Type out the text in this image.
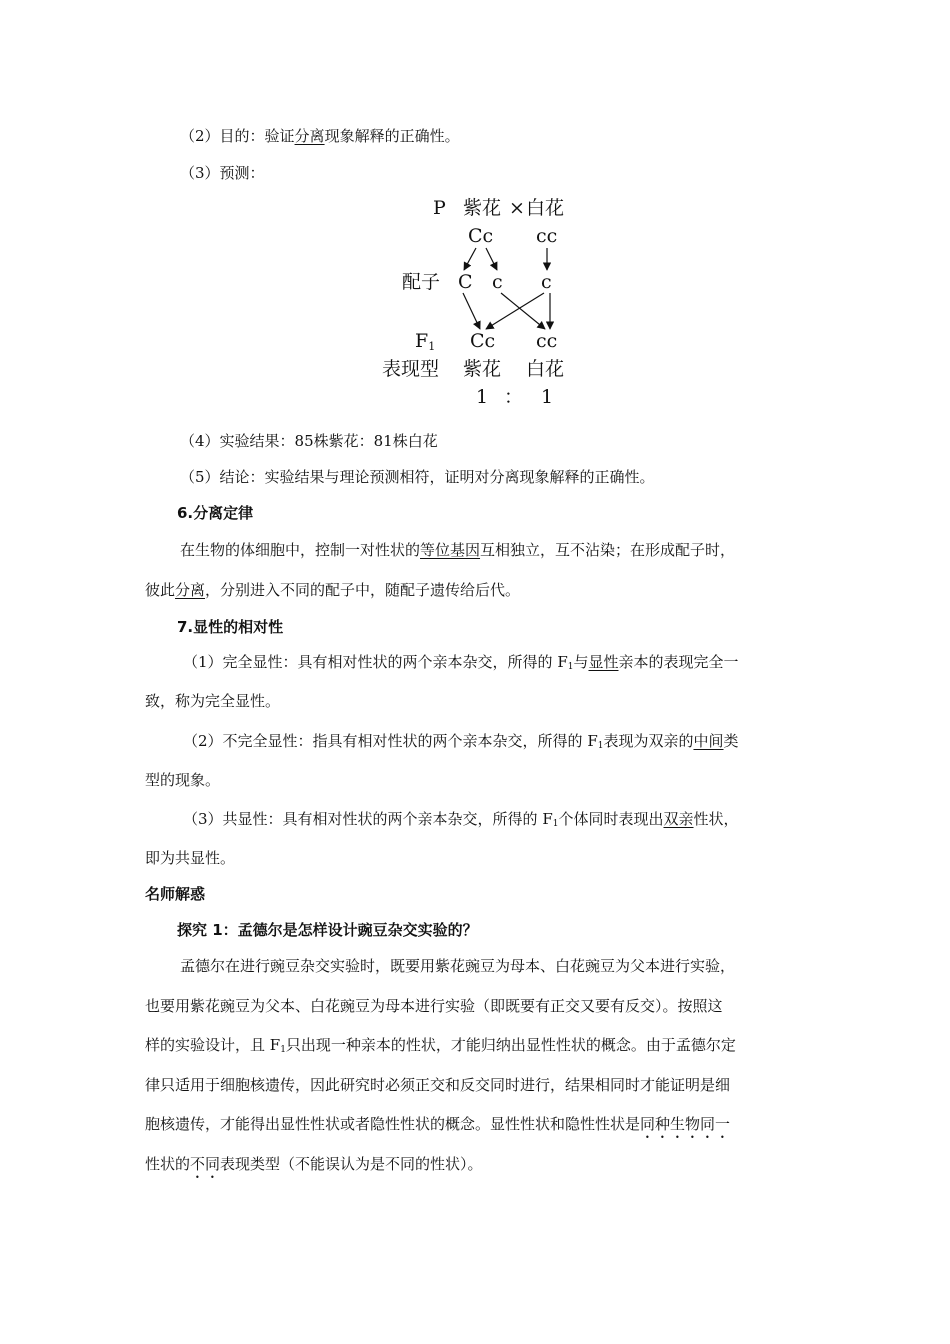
（2）目的：验证分离现象解释的正确性。
（3）预测：
P 紫花 × 白花
Cc cc
配子 C c c
F1 Cc cc
表现型 紫花 白花
1 ： 1
（4）实验结果：85株紫花：81株白花
（5）结论：实验结果与理论预测相符，证明对分离现象解释的正确性。
6.分离定律
在生物的体细胞中，控制一对性状的等位基因互相独立，互不沾染；在形成配子时，
彼此分离，分别进入不同的配子中，随配子遗传给后代。
7.显性的相对性
（1）完全显性：具有相对性状的两个亲本杂交，所得的 $F_1$与显性亲本的表现完全一
致，称为完全显性。
（2）不完全显性：指具有相对性状的两个亲本杂交，所得的 $F_1$表现为双亲的中间类
型的现象。
（3）共显性：具有相对性状的两个亲本杂交，所得的 $F_1$个体同时表现出双亲性状，
即为共显性。
名师解惑
探究 1：孟德尔是怎样设计豌豆杂交实验的？
孟德尔在进行豌豆杂交实验时，既要用紫花豌豆为母本、白花豌豆为父本进行实验，
也要用紫花豌豆为父本、白花豌豆为母本进行实验（即既要有正交又要有反交）。按照这
样的实验设计，且 $F_1$只出现一种亲本的性状，才能归纳出显性性状的概念。由于孟德尔定
律只适用于细胞核遗传，因此研究时必须正交和反交同时进行，结果相同时才能证明是细
胞核遗传，才能得出显性性状或者隐性性状的概念。显性性状和隐性性状是同种生物同一
性状的不同表现类型（不能误认为是不同的性状）。
